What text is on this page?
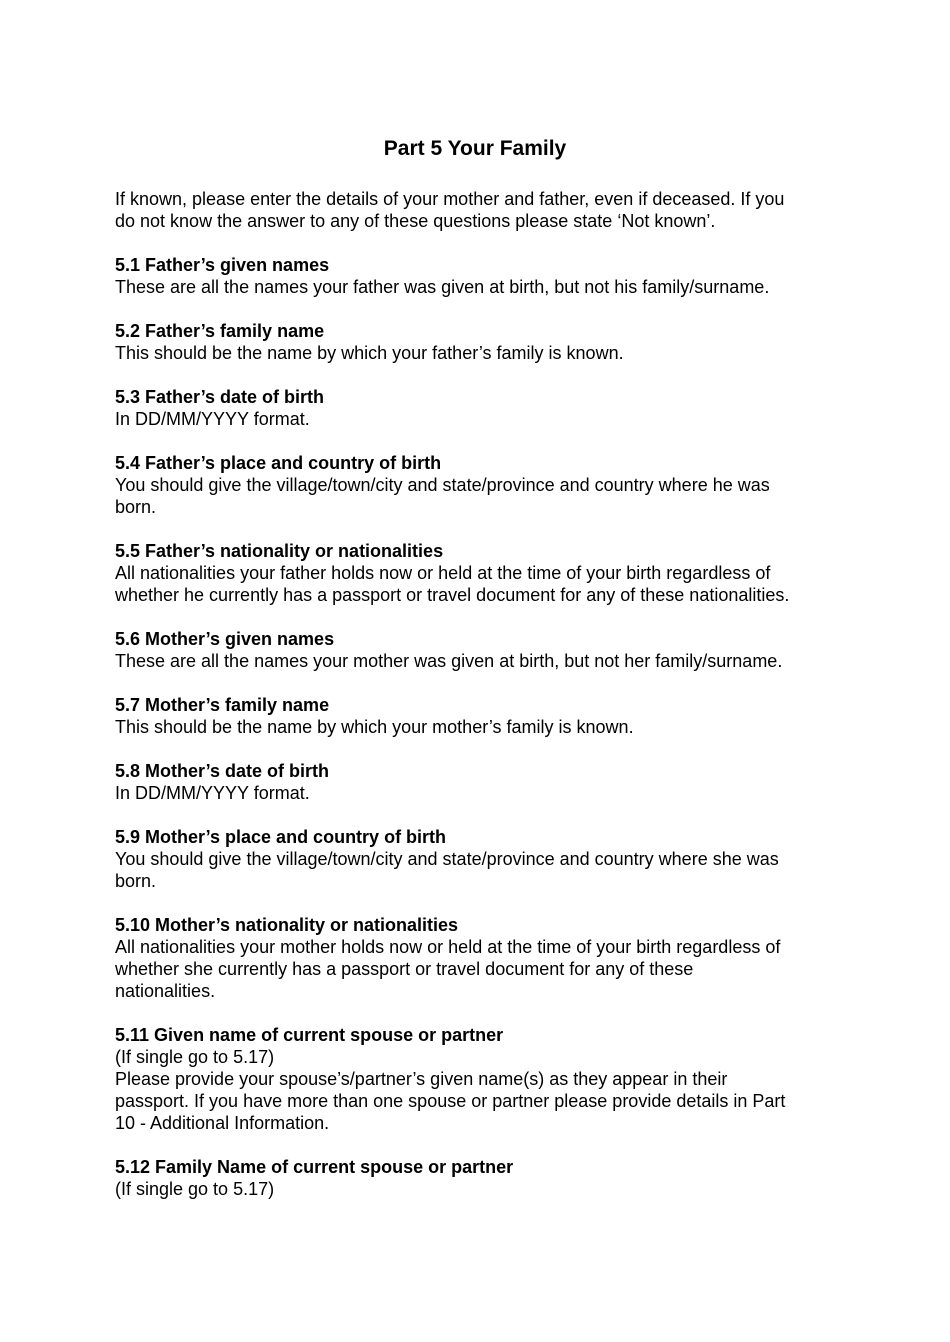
Part 5 Your Family
If known, please enter the details of your mother and father, even if deceased. If you
do not know the answer to any of these questions please state ‘Not known’.
5.1 Father’s given names
These are all the names your father was given at birth, but not his family/surname.
5.2 Father’s family name
This should be the name by which your father’s family is known.
5.3 Father’s date of birth
In DD/MM/YYYY format.
5.4 Father’s place and country of birth
You should give the village/town/city and state/province and country where he was
born.
5.5 Father’s nationality or nationalities
All nationalities your father holds now or held at the time of your birth regardless of
whether he currently has a passport or travel document for any of these nationalities.
5.6 Mother’s given names
These are all the names your mother was given at birth, but not her family/surname.
5.7 Mother’s family name
This should be the name by which your mother’s family is known.
5.8 Mother’s date of birth
In DD/MM/YYYY format.
5.9 Mother’s place and country of birth
You should give the village/town/city and state/province and country where she was
born.
5.10 Mother’s nationality or nationalities
All nationalities your mother holds now or held at the time of your birth regardless of
whether she currently has a passport or travel document for any of these
nationalities.
5.11 Given name of current spouse or partner
(If single go to 5.17)
Please provide your spouse’s/partner’s given name(s) as they appear in their
passport. If you have more than one spouse or partner please provide details in Part
10 - Additional Information.
5.12 Family Name of current spouse or partner
(If single go to 5.17)
